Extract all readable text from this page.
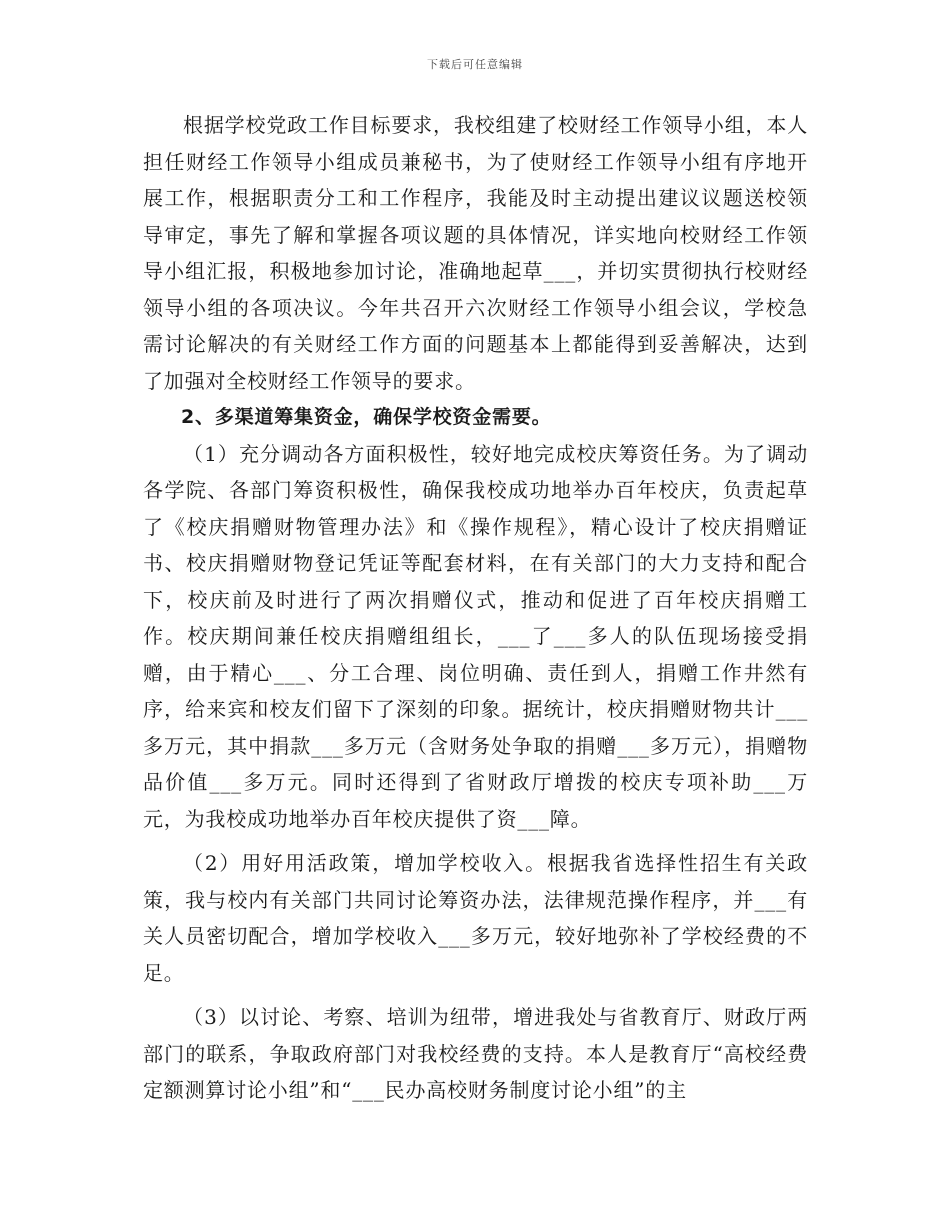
下载后可任意编辑

根据学校党政工作目标要求，我校组建了校财经工作领导小组，本人担任财经工作领导小组成员兼秘书，为了使财经工作领导小组有序地开展工作，根据职责分工和工作程序，我能及时主动提出建议议题送校领导审定，事先了解和掌握各项议题的具体情况，详实地向校财经工作领导小组汇报，积极地参加讨论，准确地起草___，并切实贯彻执行校财经领导小组的各项决议。今年共召开六次财经工作领导小组会议，学校急需讨论解决的有关财经工作方面的问题基本上都能得到妥善解决，达到了加强对全校财经工作领导的要求。

2、多渠道筹集资金，确保学校资金需要。

（1）充分调动各方面积极性，较好地完成校庆筹资任务。为了调动各学院、各部门筹资积极性，确保我校成功地举办百年校庆，负责起草了《校庆捐赠财物管理办法》和《操作规程》，精心设计了校庆捐赠证书、校庆捐赠财物登记凭证等配套材料，在有关部门的大力支持和配合下，校庆前及时进行了两次捐赠仪式，推动和促进了百年校庆捐赠工作。校庆期间兼任校庆捐赠组组长，___了___多人的队伍现场接受捐赠，由于精心___、分工合理、岗位明确、责任到人，捐赠工作井然有序，给来宾和校友们留下了深刻的印象。据统计，校庆捐赠财物共计___多万元，其中捐款___多万元（含财务处争取的捐赠___多万元），捐赠物品价值___多万元。同时还得到了省财政厅增拨的校庆专项补助___万元，为我校成功地举办百年校庆提供了资___障。

（2）用好用活政策，增加学校收入。根据我省选择性招生有关政策，我与校内有关部门共同讨论筹资办法，法律规范操作程序，并___有关人员密切配合，增加学校收入___多万元，较好地弥补了学校经费的不足。

（3）以讨论、考察、培训为纽带，增进我处与省教育厅、财政厅两部门的联系，争取政府部门对我校经费的支持。本人是教育厅“高校经费定额测算讨论小组”和“___民办高校财务制度讨论小组”的主
